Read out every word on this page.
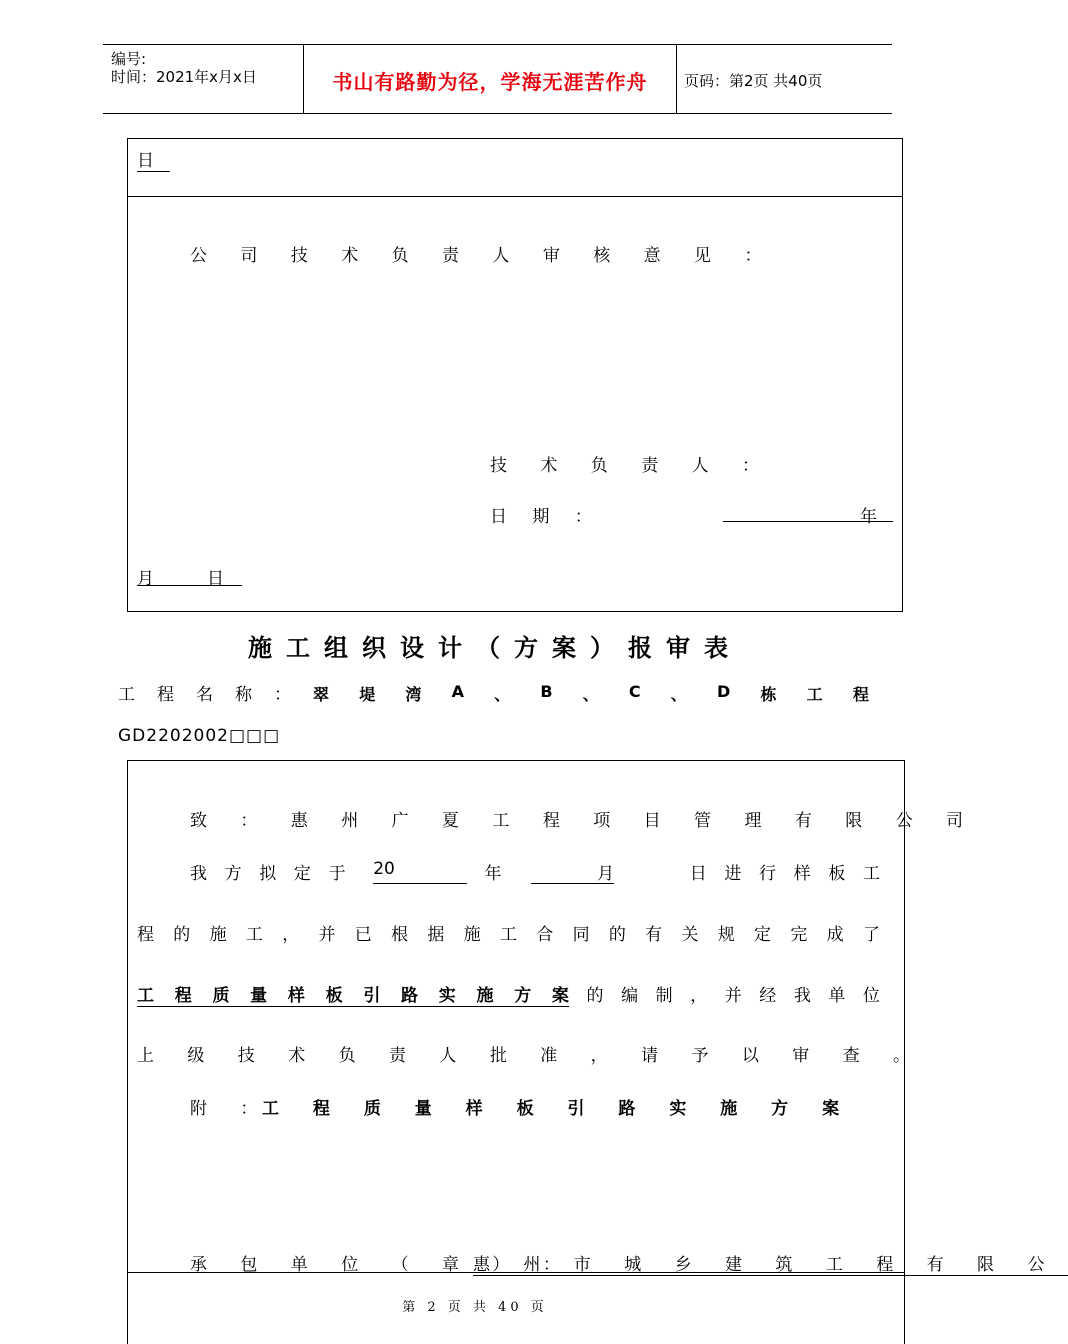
编号:
时间：2021年x月x日	书山有路勤为径，学海无涯苦作舟	页码：第2页 共40页
日
公 司 技 术 负 责 人 审 核 意 见 ：
技 术 负 责 人 ：
日 期 ：	年
月	日
施工组织设计（方案）报审表
工程名称： 翠 堤 湾 A 、 B 、 C 、 D 栋 工 程
GD2202002□□□
致 ： 惠 州 广 夏 工 程 项 目 管 理 有 限 公 司
我 方 拟 定 于 20	年	月	日 进 行 样 板 工
程 的 施 工 ， 并 已 根 据 施 工 合 同 的 有 关 规 定 完 成 了
工 程 质 量 样 板 引 路 实 施 方 案 的 编 制 ， 并 经 我 单 位
上 级 技 术 负 责 人 批 准 ， 请 予 以 审 查 。
附 ：
工 程 质 量 样 板 引 路 实 施 方 案
承 包 单 位 （ 章 ） ：
惠 州 市 城 乡 建 筑 工 程 有 限 公
第 2 页 共 40 页
